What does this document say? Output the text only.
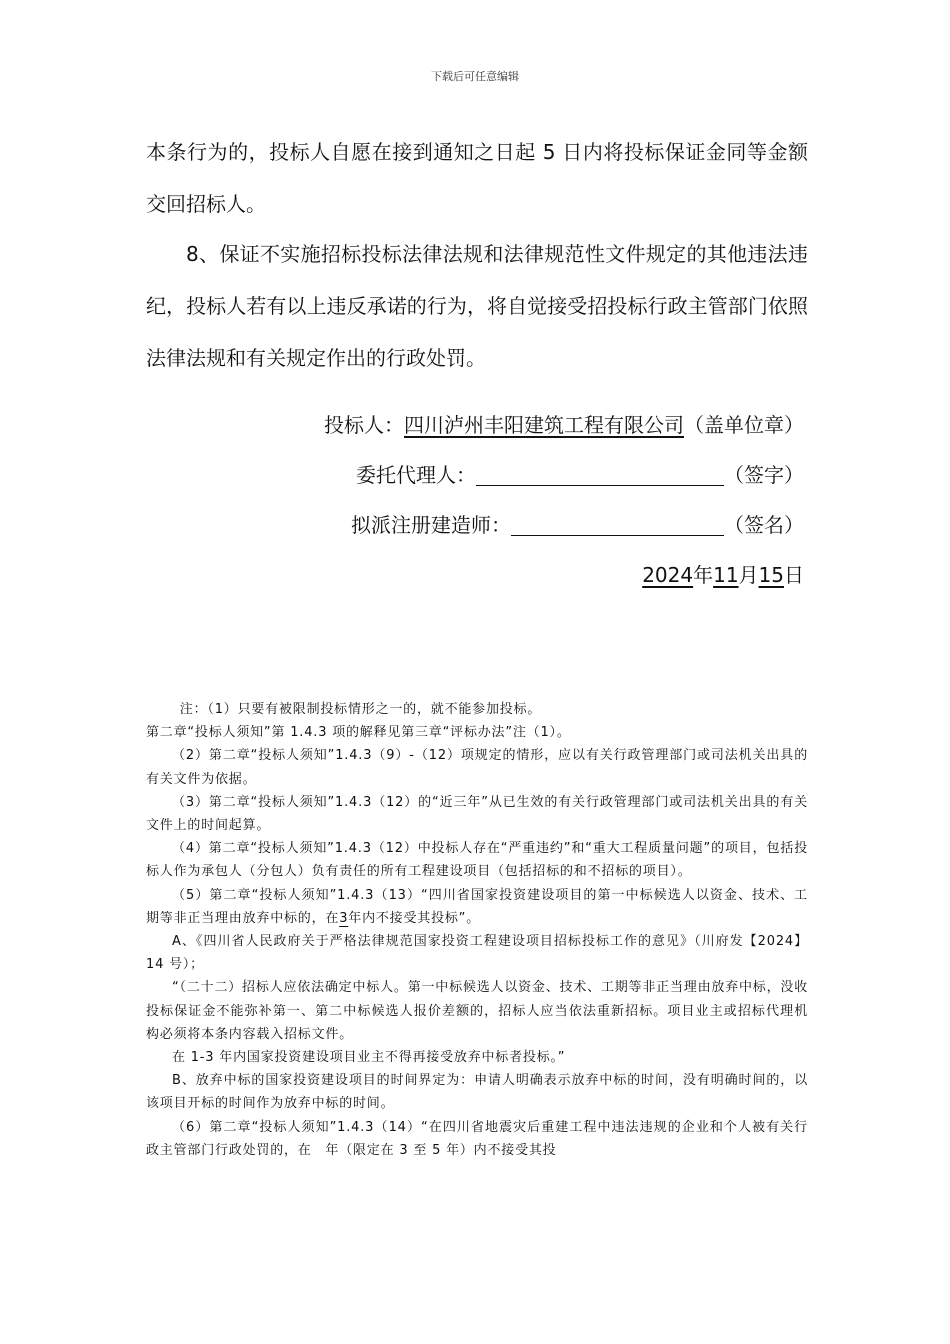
下载后可任意编辑
本条行为的，投标人自愿在接到通知之日起 5 日内将投标保证金同等金额交回招标人。
8、保证不实施招标投标法律法规和法律规范性文件规定的其他违法违纪，投标人若有以上违反承诺的行为，将自觉接受招投标行政主管部门依照法律法规和有关规定作出的行政处罚。
投标人：四川泸州丰阳建筑工程有限公司（盖单位章）
委托代理人：	（签字）
拟派注册建造师：	（签名）
2024年11月15日

注：（1）只要有被限制投标情形之一的，就不能参加投标。

第二章“投标人须知”第 1.4.3 项的解释见第三章“评标办法”注（1）。

（2）第二章“投标人须知”1.4.3（9）-（12）项规定的情形，应以有关行政管理部门或司法机关出具的有关文件为依据。

（3）第二章“投标人须知”1.4.3（12）的“近三年”从已生效的有关行政管理部门或司法机关出具的有关文件上的时间起算。

（4）第二章“投标人须知”1.4.3（12）中投标人存在“严重违约”和“重大工程质量问题”的项目，包括投标人作为承包人（分包人）负有责任的所有工程建设项目（包括招标的和不招标的项目）。

（5）第二章“投标人须知”1.4.3（13）“四川省国家投资建设项目的第一中标候选人以资金、技术、工期等非正当理由放弃中标的，在3年内不接受其投标”。

A、《四川省人民政府关于严格法律规范国家投资工程建设项目招标投标工作的意见》（川府发【2024】14 号）；

“（二十二）招标人应依法确定中标人。第一中标候选人以资金、技术、工期等非正当理由放弃中标，没收投标保证金不能弥补第一、第二中标候选人报价差额的，招标人应当依法重新招标。项目业主或招标代理机构必须将本条内容载入招标文件。

在 1-3 年内国家投资建设项目业主不得再接受放弃中标者投标。”

B、放弃中标的国家投资建设项目的时间界定为：申请人明确表示放弃中标的时间，没有明确时间的，以该项目开标的时间作为放弃中标的时间。

（6）第二章“投标人须知”1.4.3（14）“在四川省地震灾后重建工程中违法违规的企业和个人被有关行政主管部门行政处罚的，在　年（限定在 3 至 5 年）内不接受其投
